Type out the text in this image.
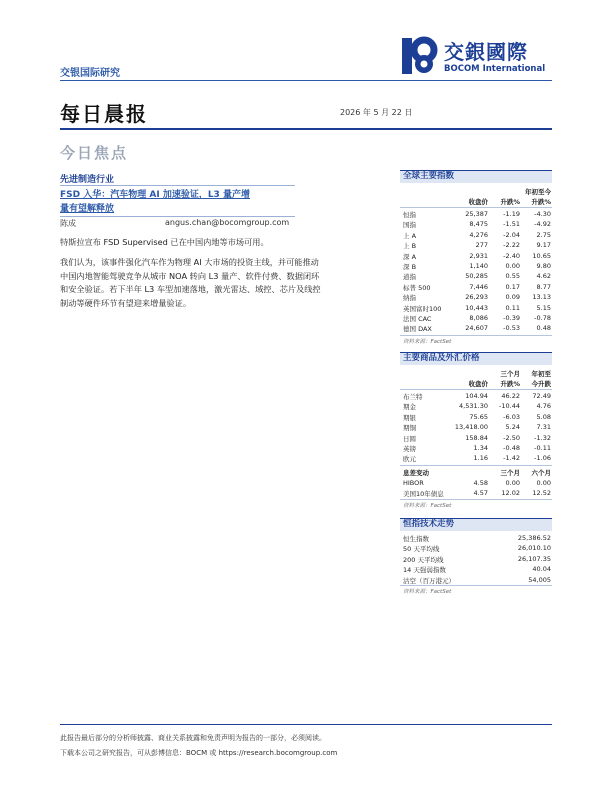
交银国际研究
交銀國際
BOCOM International
每日晨报	2026 年 5 月 22 日
今日焦点
先进制造行业
FSD 入华：汽车物理 AI 加速验证，L3 量产增
量有望解释放
陈成	angus.chan@bocomgroup.com
特斯拉宣布 FSD Supervised 已在中国内地等市场可用。
我们认为，该事件强化汽车作为物理 AI 大市场的投资主线，并可能推动
中国内地智能驾驶竞争从城市 NOA 转向 L3 量产、软件付费、数据闭环
和安全验证。若下半年 L3 车型加速落地，激光雷达、域控、芯片及线控
制动等硬件环节有望迎来增量验证。
全球主要指数
年初至今
收盘价 升跌% 升跌%
恒指	25,387 -1.19 -4.30
国指	8,475 -1.51 -4.92
上 A	4,276 -2.04	2.75
上 B	277 -2.22	9.17
深 A	2,931 -2.40 10.65
深 B	1,140	0.00	9.80
道指	50,285	0.55	4.62
标普 500	7,446	0.17	8.77
纳指	26,293	0.09 13.13
英国富时100	10,443	0.11	5.15
法国 CAC	8,086 -0.39 -0.78
德国 DAX	24,607 -0.53	0.48
资料来源：FactSet
主要商品及外汇价格
三个月 年初至
收盘价 升跌% 今升跌
布兰特	104.94 46.22 72.49
期金	4,531.30 -10.44	4.76
期银	75.65 -6.03	5.08
期铜	13,418.00	5.24	7.31
日圆	158.84 -2.50 -1.32
英镑	1.34 -0.48 -0.11
欧元	1.16 -1.42 -1.06
息差变动	三个月 六个月
HIBOR	4.58	0.00	0.00
美国10年债息	4.57 12.02 12.52
资料来源：FactSet
恒指技术走势
恒生指数	25,386.52
50 天平均线	26,010.10
200 天平均线	26,107.35
14 天强弱指数	40.04
沽空（百万港元）	54,005
资料来源：FactSet
此报告最后部分的分析师披露、商业关系披露和免责声明为报告的一部分，必须阅读。
下载本公司之研究报告，可从彭博信息：BOCM 或 https://research.bocomgroup.com
